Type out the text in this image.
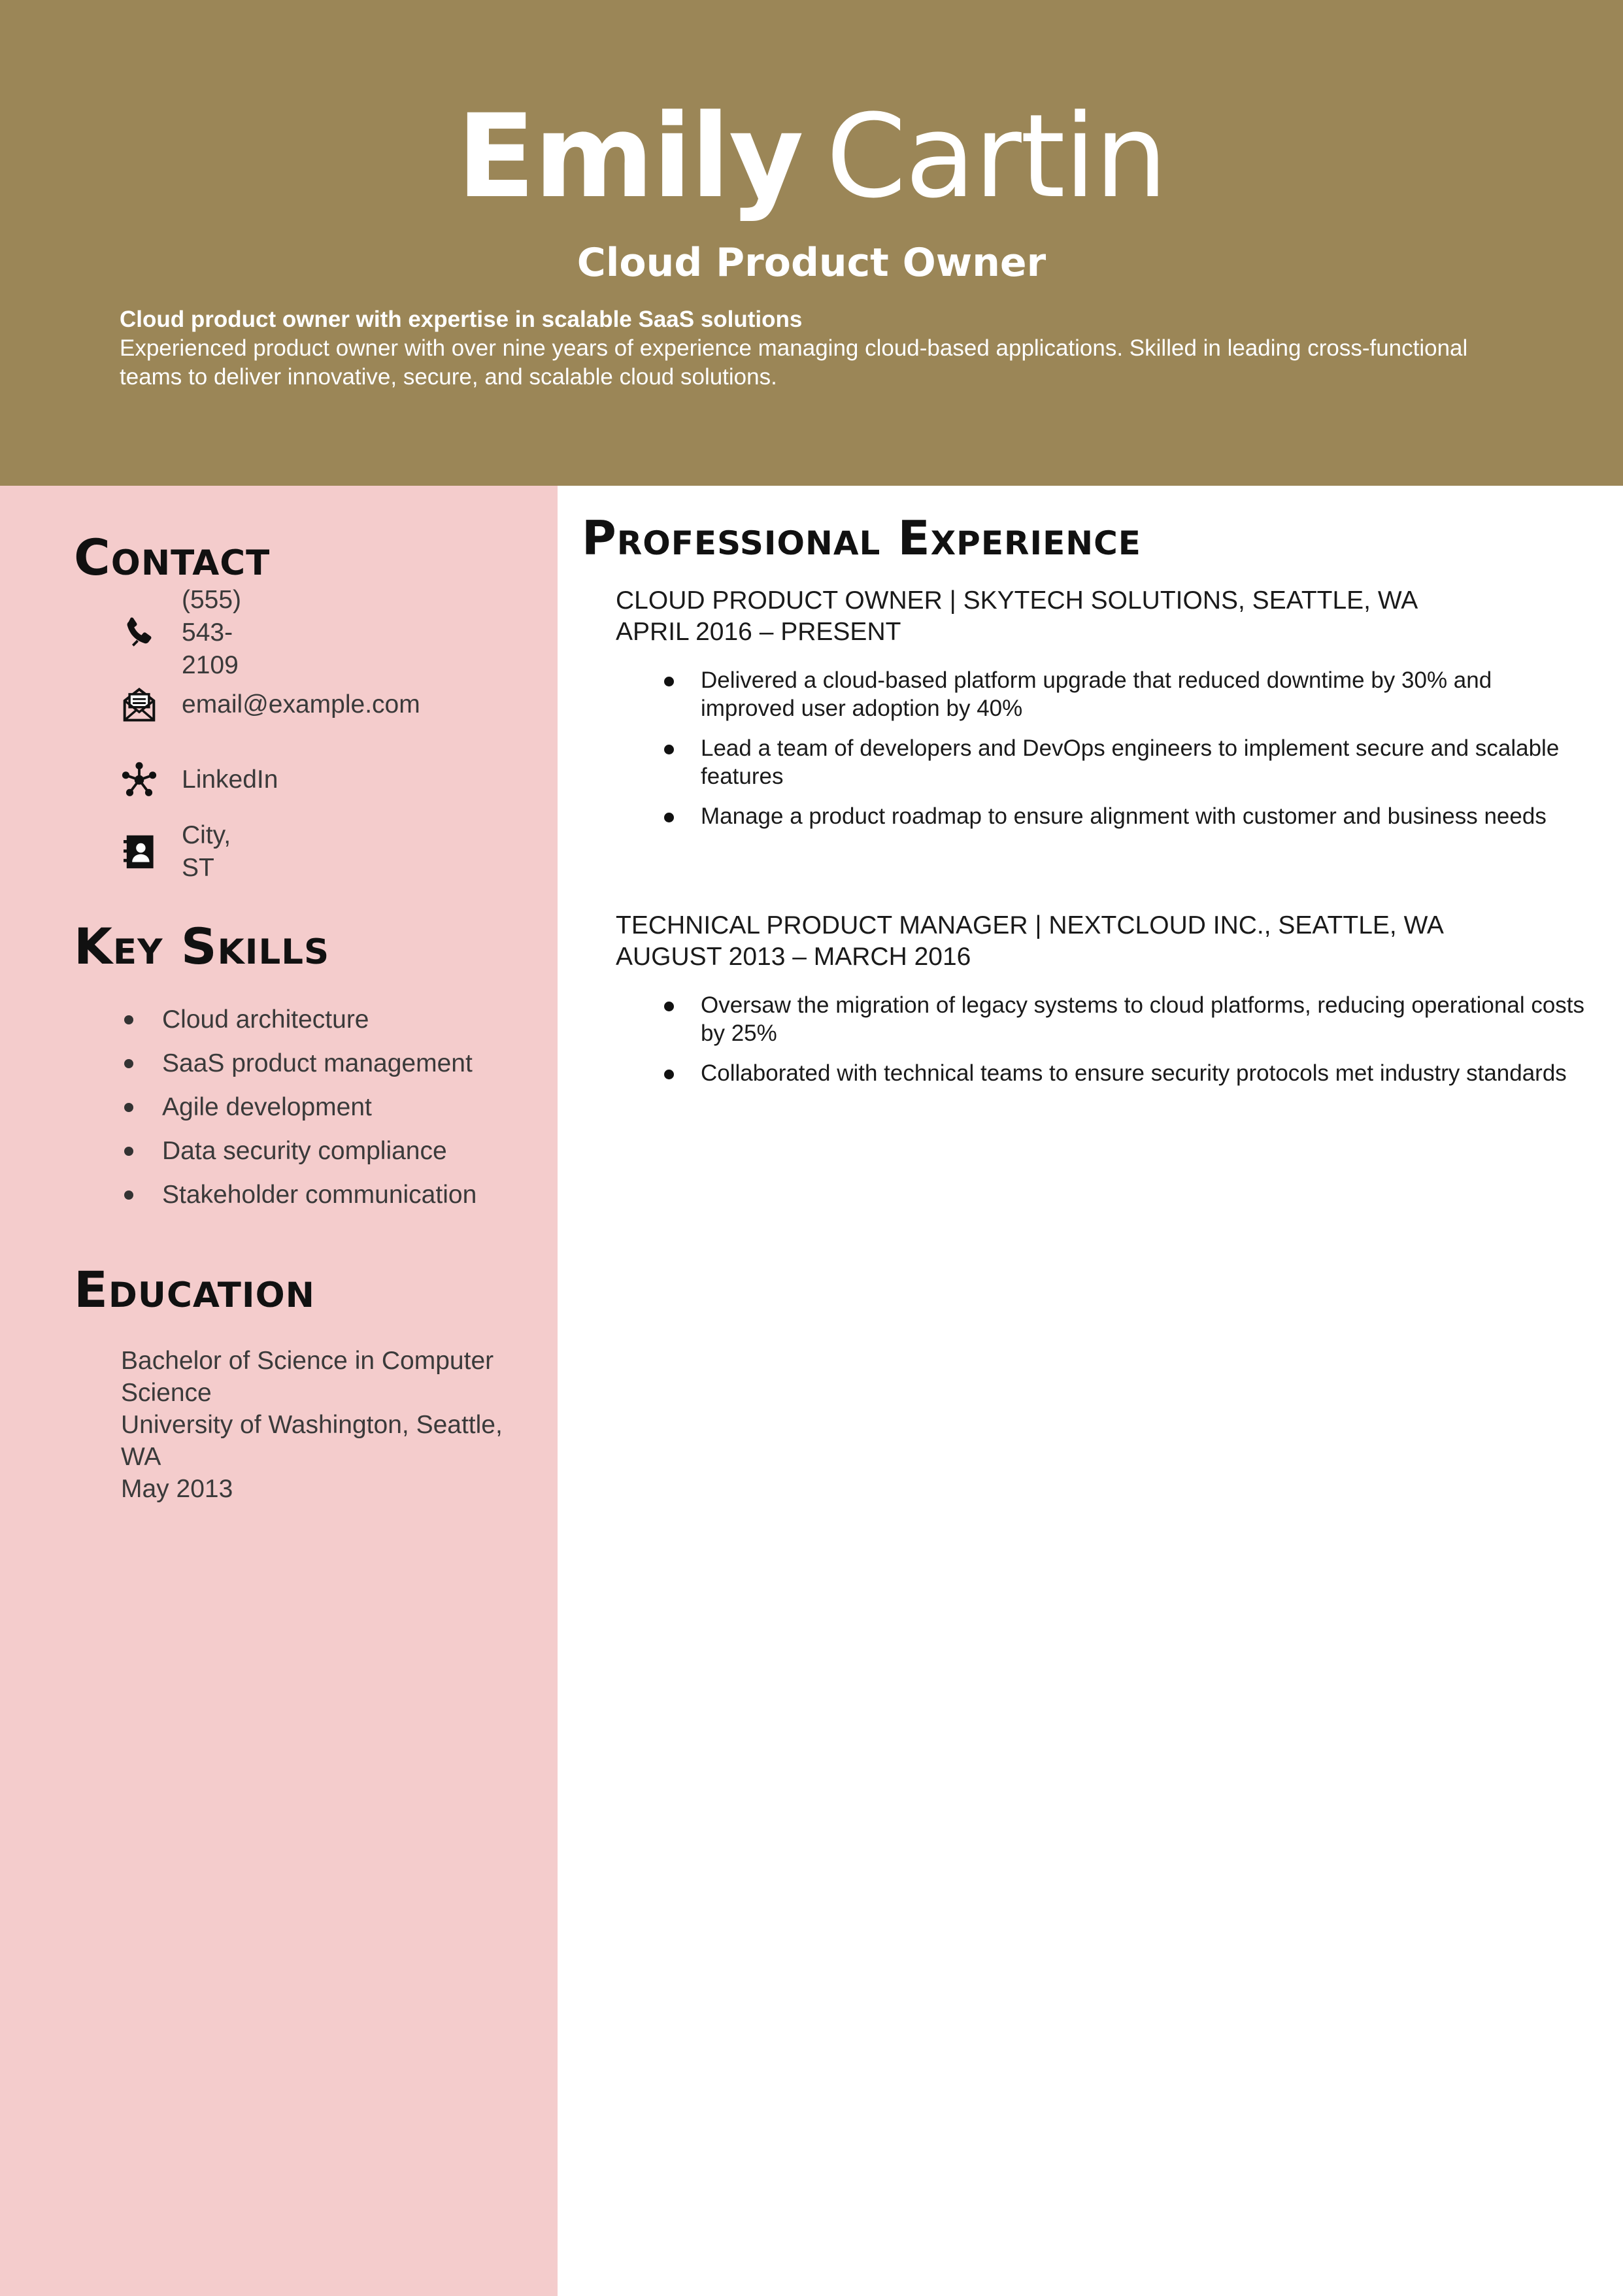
Emily Cartin
Cloud Product Owner
Cloud product owner with expertise in scalable SaaS solutions
Experienced product owner with over nine years of experience managing cloud-based applications. Skilled in leading cross-functional teams to deliver innovative, secure, and scalable cloud solutions.
Contact
(555) 543-2109
email@example.com
LinkedIn
City, ST
Key Skills
Cloud architecture
SaaS product management
Agile development
Data security compliance
Stakeholder communication
Education
Bachelor of Science in Computer Science
University of Washington, Seattle, WA
May 2013
Professional Experience
CLOUD PRODUCT OWNER | SKYTECH SOLUTIONS, SEATTLE, WA
APRIL 2016 – PRESENT
Delivered a cloud-based platform upgrade that reduced downtime by 30% and improved user adoption by 40%
Lead a team of developers and DevOps engineers to implement secure and scalable features
Manage a product roadmap to ensure alignment with customer and business needs
TECHNICAL PRODUCT MANAGER | NEXTCLOUD INC., SEATTLE, WA
AUGUST 2013 – MARCH 2016
Oversaw the migration of legacy systems to cloud platforms, reducing operational costs by 25%
Collaborated with technical teams to ensure security protocols met industry standards
